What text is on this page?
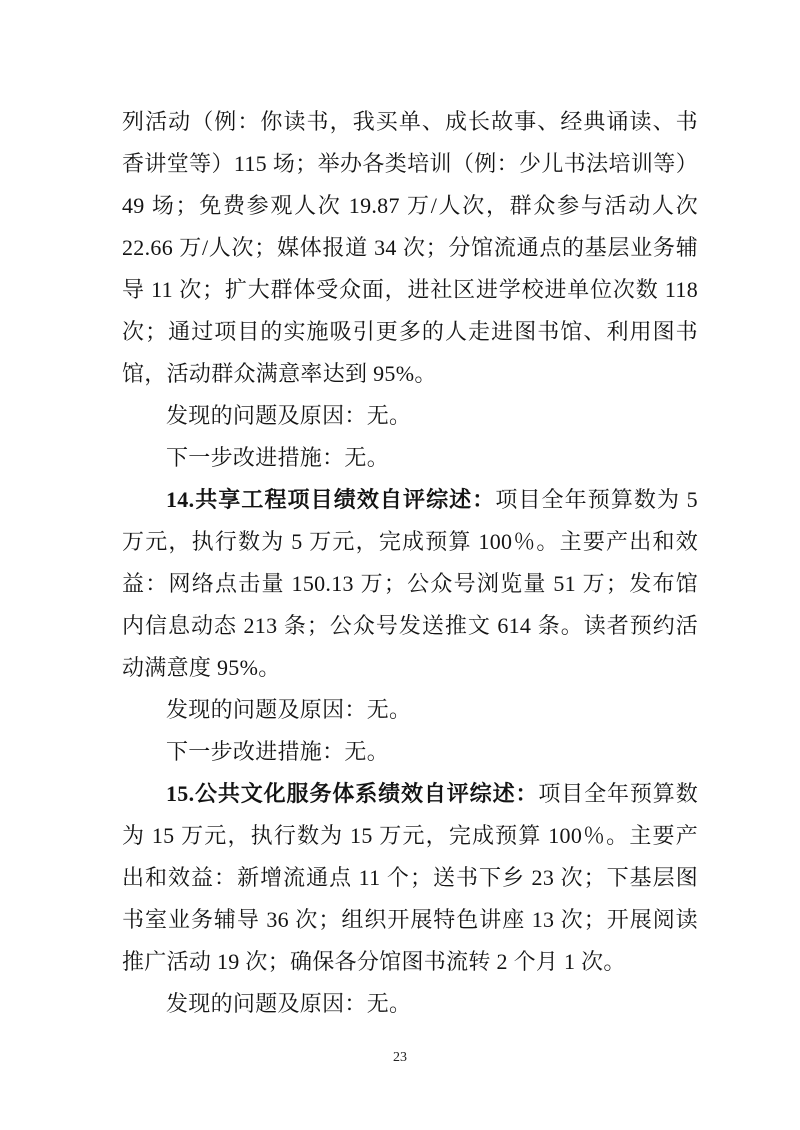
列活动（例：你读书，我买单、成长故事、经典诵读、书香讲堂等）115 场；举办各类培训（例：少儿书法培训等）49 场；免费参观人次 19.87 万/人次，群众参与活动人次 22.66 万/人次；媒体报道 34 次；分馆流通点的基层业务辅导 11 次；扩大群体受众面，进社区进学校进单位次数 118 次；通过项目的实施吸引更多的人走进图书馆、利用图书馆，活动群众满意率达到 95%。

发现的问题及原因：无。

下一步改进措施：无。

14.共享工程项目绩效自评综述：项目全年预算数为 5 万元，执行数为 5 万元，完成预算 100％。主要产出和效益：网络点击量 150.13 万；公众号浏览量 51 万；发布馆内信息动态 213 条；公众号发送推文 614 条。读者预约活动满意度 95%。

发现的问题及原因：无。

下一步改进措施：无。

15.公共文化服务体系绩效自评综述：项目全年预算数为 15 万元，执行数为 15 万元，完成预算 100％。主要产出和效益：新增流通点 11 个；送书下乡 23 次；下基层图书室业务辅导 36 次；组织开展特色讲座 13 次；开展阅读推广活动 19 次；确保各分馆图书流转 2 个月 1 次。

发现的问题及原因：无。

23
